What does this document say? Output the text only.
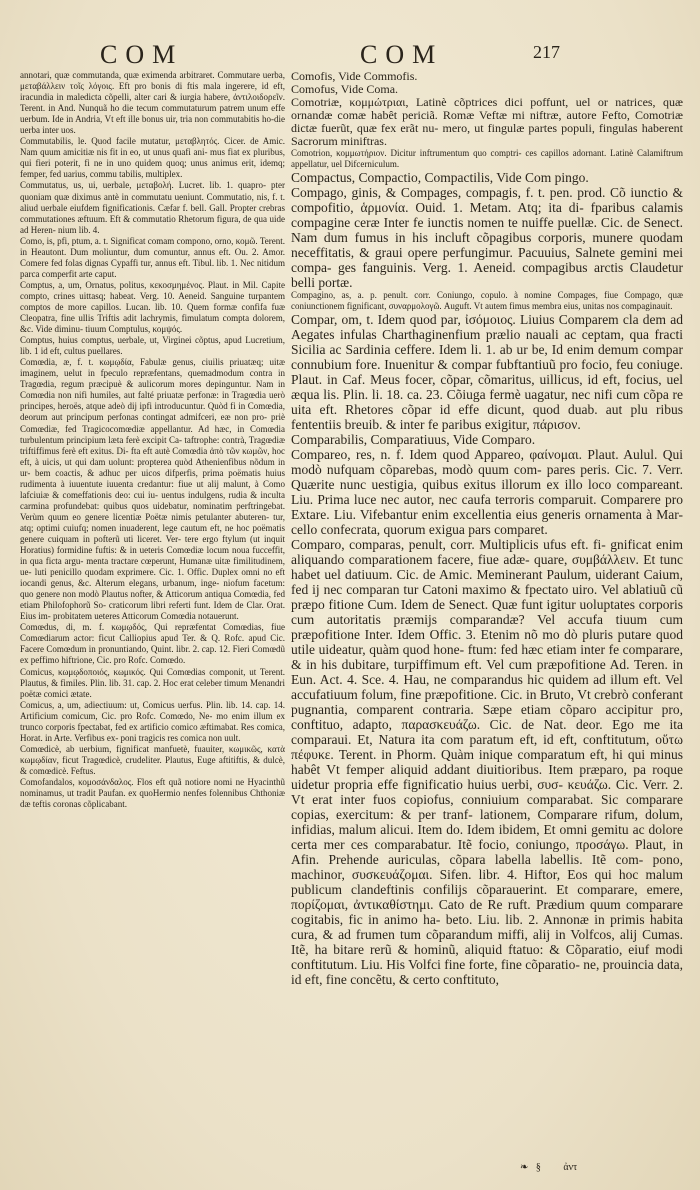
COM	COM	217

annotari, quæ commutanda, quæ eximenda arbitraret. Commutare uerba, μεταβάλλειν τοῖς λόγοις. Eft pro bonis di ftis mala ingerere, id eft, iracundia in maledicta cõpelli, alter cari & iurgia habere, ἀντιλοιδορεῖν. Terent. in And. Nunquã ho die tecum commutaturum patrem unum effe uerbum. Ide in Andria, Vt eft ille bonus uir, tria non commutabitis ho-die uerba inter uos.

Commutabilis, le. Quod facile mutatur, μεταβλητός. Cicer. de Amic. Nam quum amicitiæ nis fit in eo, ut unus quafi ani- mus fiat ex pluribus, qui fieri poterit, fi ne in uno quidem quoq; unus animus erit, idemq; femper, fed uarius, commu tabilis, multiplex.

Commutatus, us, ui, uerbale, μεταβολή. Lucret. lib. 1. quapro- pter quoniam quæ diximus antè in commutatu ueniunt. Commutatio, nis, f. t. aliud uerbale eiufdem fignificationis. Cæfar f. bell. Gall. Propter crebras commutationes æftuum. Eft & commutatio Rhetorum figura, de qua uide ad Heren- nium lib. 4.

Como, is, pfi, ptum, a. t. Significat comam compono, orno, κομῶ. Terent. in Heautont. Dum moliuntur, dum comuntur, annus eft. Ou. 2. Amor. Comere fed folas dignas Cypaffi tur, annus eft. Tibul. lib. 1. Nec nitidum parca comperfit arte caput.

Comptus, a, um, Ornatus, politus, κεκοσμημένος. Plaut. in Mil. Capite compto, crines uittasq; habeat. Verg. 10. Aeneid. Sanguine turpantem comptos de more capillos. Lucan. lib. 10. Quem formæ confifa fuæ Cleopatra, fine ullis Triftis adit lachrymis, fimulatum compta dolorem, &c. Vide diminu- tiuum Comptulus, κομψός.

Comptus, huius comptus, uerbale, ut, Virginei cõptus, apud Lucretium, lib. 1 id eft, cultus puellares.

Comœdia, æ, f. t. κωμῳδία, Fabulæ genus, ciuilis priuatæq; uitæ imaginem, uelut in fpeculo repræfentans, quemadmodum contra in Tragœdia, regum præcipuè & aulicorum mores depinguntur. Nam in Comœdia non nifi humiles, aut falté priuatæ perfonæ: in Tragœdia uerò principes, heroës, atque adeò dij ipfi introducuntur. Quòd fi in Comœdia, deorum aut principum perfonas contingat admifceri, eæ non pro- priè Comœdiæ, fed Tragicocomœdiæ appellantur. Ad hæc, in Comœdia turbulentum principium læta ferè excipit Ca- taftrophe: contrà, Tragœdiæ triftiffimus ferè eft exitus. Di- fta eft autè Comœdia ἀπὸ τῶν κωμῶν, hoc eft, à uicis, ut qui dam uolunt: propterea quòd Athenienfibus nõdum in ur- bem coactis, & adhuc per uicos difperfis, prima poëmatis huius rudimenta à iuuentute iuuenta credantur: fiue ut alij malunt, à Como lafciuiæ & comeffationis deo: cui iu- uentus indulgens, rudia & inculta carmina profundebat: quibus quos uidebatur, nominatim perftringebat. Verùm quum eo genere licentiæ Poëtæ nimis petulanter abuteren- tur, atq; optimi cuiufq; nomen inuaderent, lege cautum eft, ne hoc poëmatis genere cuiquam in pofterũ uti liceret. Ver- tere ergo ftylum (ut inquit Horatius) formidine fuftis: & in ueteris Comœdiæ locum noua fucceffit, in qua ficta argu- menta tractare cœperunt, Humanæ uitæ fimilitudinem, ue- luti penicillo quodam exprimere. Cic. 1. Offic. Duplex omni no eft iocandi genus, &c. Alterum elegans, urbanum, inge- niofum facetum: quo genere non modò Plautus nofter, & Atticorum antiqua Comœdia, fed etiam Philofophorũ So- craticorum libri referti funt. Idem de Clar. Orat. Eius im- probitatem ueteres Atticorum Comœdia notauerunt.

Comœdus, di, m. f. κωμῳδός, Qui repræfentat Comœdias, fiue Comœdiarum actor: ficut Calliopius apud Ter. & Q. Rofc. apud Cic. Facere Comœdum in pronuntiando, Quint. libr. 2. cap. 12. Fieri Comœdũ ex peffimo hiftrione, Cic. pro Rofc. Comœdo.

Comicus, κωμῳδοποιός, κωμικός. Qui Comœdias componit, ut Terent. Plautus, & fimiles. Plin. lib. 31. cap. 2. Hoc erat celeber timum Menandri poëtæ comici ætate.

Comicus, a, um, adiectiuum: ut, Comicus uerfus. Plin. lib. 14. cap. 14. Artificium comicum, Cic. pro Rofc. Comœdo, Ne- mo enim illum ex trunco corporis fpectabat, fed ex artificio comico æftimabat. Res comica, Horat. in Arte. Verfibus ex- poni tragicis res comica non uult.

Comœdicè, ab uerbium, fignificat manfuetè, fuauiter, κωμικῶς, κατὰ κωμῳδίαν, ficut Tragœdicè, crudeliter. Plautus, Euge aftitiftis, & dulcè, & comœdicè. Feftus.

Comofandalos, κομοσάνδαλος. Flos eft quã notiore nomi ne Hyacinthũ nominamus, ut tradit Paufan. ex quoHermio nenfes folennibus Chthoniæ dæ teftis coronas cõplicabant.

Comofis, Vide Commofis.

Comofus, Vide Coma.

Comotriæ, κομμώτριαι, Latinè cõptrices dici poffunt, uel or natrices, quæ ornandæ comæ habêt periciã. Romæ Veftæ mi niftræ, autore Fefto, Comotriæ dictæ fuerũt, quæ fex erãt nu- mero, ut fingulæ partes populi, fingulas haberent Sacrorum miniftras.

Comotrion, κομμωτήριον. Dicitur inftrumentum quo comptri- ces capillos adornant. Latinè Calamiftrum appellatur, uel Difcerniculum.

Compactus, Compactio, Compactilis, Vide Com pingo.

Compago, ginis, & Compages, compagis, f. t. pen. prod. Cõ iunctio & compofitio, ἁρμονία. Ouid. 1. Metam. Atq; ita di- fparibus calamis compagine ceræ Inter fe iunctis nomen te nuiffe puellæ. Cic. de Senect. Nam dum fumus in his incluft cõpagibus corporis, munere quodam neceffitatis, & graui opere perfungimur. Pacuuius, Salnete gemini mei compa- ges fanguinis. Verg. 1. Aeneid. compagibus arctis Claudetur belli portæ.

Compagino, as, a. p. penult. corr. Coniungo, copulo. à nomine Compages, fiue Compago, quæ coniunctionem fignificant, συναρμολογῶ. Auguft. Vt autem fimus membra eius, unitas nos compaginauit.

Compar, om, t. Idem quod par, ἰσόμοιος. Liuius Comparem cla dem ad Aegates infulas Charthaginenfium prælio nauali ac ceptam, qua fracti Sicilia ac Sardinia ceffere. Idem li. 1. ab ur be, Id enim demum compar connubium fore. Inuenitur & compar fubftantiuũ pro focio, feu coniuge. Plaut. in Caf. Meus focer, cõpar, cõmaritus, uillicus, id eft, focius, uel æqua lis. Plin. li. 18. ca. 23. Cõiuga fermè uagatur, nec nifi cum cõpa re uita eft. Rhetores cõpar id effe dicunt, quod duab. aut plu ribus fententiis breuib. & inter fe paribus exigitur, πάρισον.

Comparabilis, Comparatiuus, Vide Comparo.

Compareo, res, n. f. Idem quod Appareo, φαίνομαι. Plaut. Aulul. Qui modò nufquam cõparebas, modò quum com- pares peris. Cic. 7. Verr. Quærite nunc uestigia, quibus exitus illorum ex illo loco compareant. Liu. Prima luce nec autor, nec caufa terroris comparuit. Comparere pro Extare. Liu. Vifebantur enim excellentia eius generis ornamenta à Mar- cello confecrata, quorum exigua pars comparet.

Comparo, comparas, penult, corr. Multiplicis ufus eft. fi- gnificat enim aliquando comparationem facere, fiue adæ- quare, συμβάλλειν. Et tunc habet uel datiuum. Cic. de Amic. Meminerant Paulum, uiderant Caium, fed ij nec comparan tur Catoni maximo & fpectato uiro. Vel ablatiuũ cũ præpo fitione Cum. Idem de Senect. Quæ funt igitur uoluptates corporis cum autoritatis præmijs comparandæ? Vel accufa tiuum cum præpofitione Inter. Idem Offic. 3. Etenim nõ mo dò pluris putare quod utile uideatur, quàm quod hone- ftum: fed hæc etiam inter fe comparare, & in his dubitare, turpiffimum eft. Vel cum præpofitione Ad. Teren. in Eun. Act. 4. Sce. 4. Hau, ne comparandus hic quidem ad illum eft. Vel accufatiuum folum, fine præpofitione. Cic. in Bruto, Vt crebrò conferant pugnantia, comparent contraria. Sæpe etiam cõparo accipitur pro, conftituo, adapto, παρασκευάζω. Cic. de Nat. deor. Ego me ita comparaui. Et, Natura ita com paratum eft, id eft, conftitutum, οὕτω πέφυκε. Terent. in Phorm. Quàm inique comparatum eft, hi qui minus habêt Vt femper aliquid addant diuitioribus. Item præparo, pa roque uidetur propria effe fignificatio huius uerbi, συσ- κευάζω. Cic. Verr. 2. Vt erat inter fuos copiofus, conniuium comparabat. Sic comparare copias, exercitum: & per tranf- lationem, Comparare rifum, dolum, infidias, malum alicui. Item do. Idem ibidem, Et omni gemitu ac dolore certa mer ces comparabatur. Itẽ focio, coniungo, προσάγω. Plaut, in Afin. Prehende auriculas, cõpara labella labellis. Itẽ com- pono, machinor, συσκευάζομαι. Sifen. libr. 4. Hiftor, Eos qui hoc malum publicum clandeftinis confilijs cõparauerint. Et comparare, emere, πορίζομαι, ἀντικαθίστημι. Cato de Re ruft. Prædium quum comparare cogitabis, fic in animo ha- beto. Liu. lib. 2. Annonæ in primis habita cura, & ad frumen tum cõparandum miffi, alij in Volfcos, alij Cumas. Itẽ, ha bitare rerũ & hominũ, aliquid ftatuo: & Cõparatio, eiuf modi conftitutum. Liu. His Volfci fine forte, fine cõparatio- ne, prouincia data, id eft, fine concẽtu, & certo conftituto,

❧   §         ἀντ
